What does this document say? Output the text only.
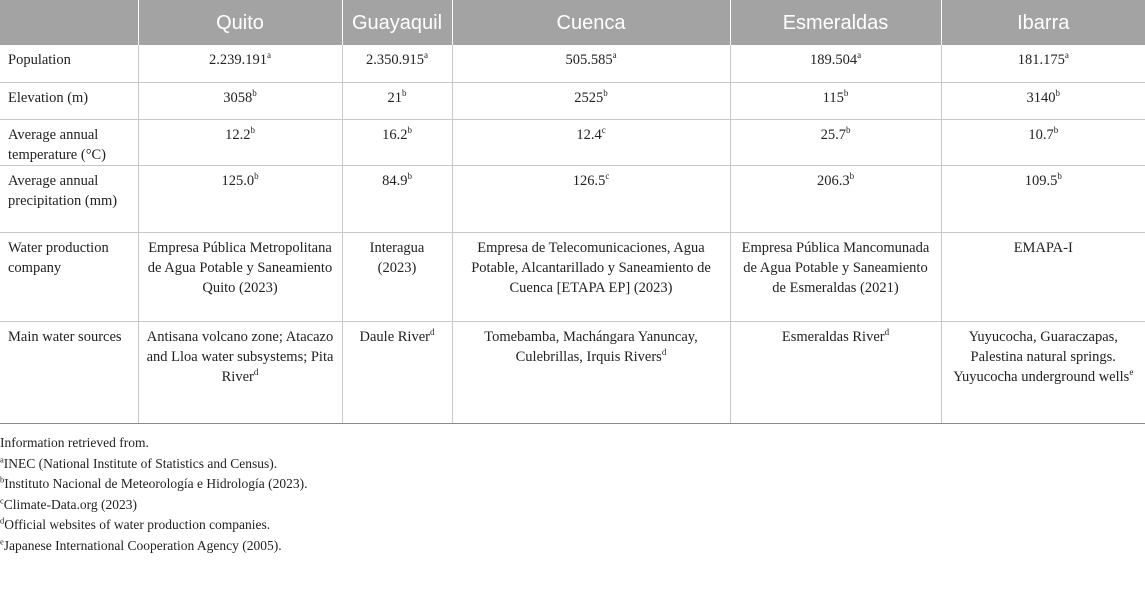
	Quito	Guayaquil	Cuenca	Esmeraldas	Ibarra
Population	2.239.191$^a$	2.350.915$^a$	505.585$^a$	189.504$^a$	181.175$^a$
Elevation (m)	3058$^b$	21$^b$	2525$^b$	115$^b$	3140$^b$
Average annual temperature (°C)	12.2$^b$	16.2$^b$	12.4$^c$	25.7$^b$	10.7$^b$
Average annual precipitation (mm)	125.0$^b$	84.9$^b$	126.5$^c$	206.3$^b$	109.5$^b$
Water production company	Empresa Pública Metropolitana de Agua Potable y Saneamiento Quito (2023)	Interagua (2023)	Empresa de Telecomunicaciones, Agua Potable, Alcantarillado y Saneamiento de Cuenca [ETAPA EP] (2023)	Empresa Pública Mancomunada de Agua Potable y Saneamiento de Esmeraldas (2021)	EMAPA-I
Main water sources	Antisana volcano zone; Atacazo and Lloa water subsystems; Pita River$^d$	Daule River$^d$	Tomebamba, Machángara Yanuncay, Culebrillas, Irquis Rivers$^d$	Esmeraldas River$^d$	Yuyucocha, Guaraczapas, Palestina natural springs. Yuyucocha underground wells$^e$
Information retrieved from.
$^a$INEC (National Institute of Statistics and Census).
$^b$Instituto Nacional de Meteorología e Hidrología (2023).
$^c$Climate-Data.org (2023)
$^d$Official websites of water production companies.
$^e$Japanese International Cooperation Agency (2005).
